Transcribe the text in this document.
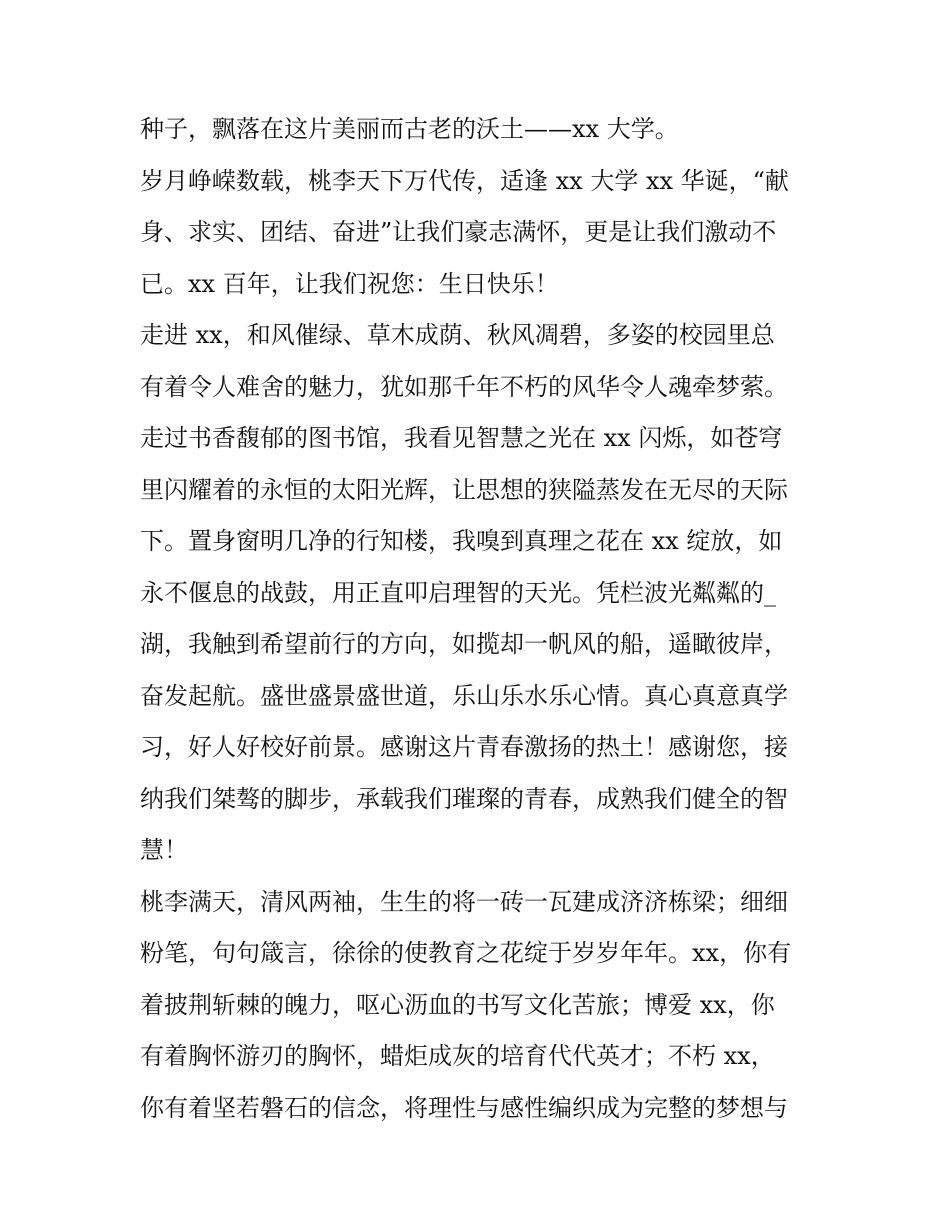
种子，飘落在这片美丽而古老的沃土——xx 大学。
岁月峥嵘数载，桃李天下万代传，适逢 xx 大学 xx 华诞，“献
身、求实、团结、奋进”让我们豪志满怀，更是让我们激动不
已。xx 百年，让我们祝您：生日快乐！
走进 xx，和风催绿、草木成荫、秋风凋碧，多姿的校园里总
有着令人难舍的魅力，犹如那千年不朽的风华令人魂牵梦萦。
走过书香馥郁的图书馆，我看见智慧之光在 xx 闪烁，如苍穹
里闪耀着的永恒的太阳光辉，让思想的狭隘蒸发在无尽的天际
下。置身窗明几净的行知楼，我嗅到真理之花在 xx 绽放，如
永不偃息的战鼓，用正直叩启理智的天光。凭栏波光粼粼的_
湖，我触到希望前行的方向，如揽却一帆风的船，遥瞰彼岸，
奋发起航。盛世盛景盛世道，乐山乐水乐心情。真心真意真学
习，好人好校好前景。感谢这片青春激扬的热土！感谢您，接
纳我们桀骜的脚步，承载我们璀璨的青春，成熟我们健全的智
慧！
桃李满天，清风两袖，生生的将一砖一瓦建成济济栋梁；细细
粉笔，句句箴言，徐徐的使教育之花绽于岁岁年年。xx，你有
着披荆斩棘的魄力，呕心沥血的书写文化苦旅；博爱 xx，你
有着胸怀游刃的胸怀，蜡炬成灰的培育代代英才；不朽 xx，
你有着坚若磐石的信念，将理性与感性编织成为完整的梦想与
